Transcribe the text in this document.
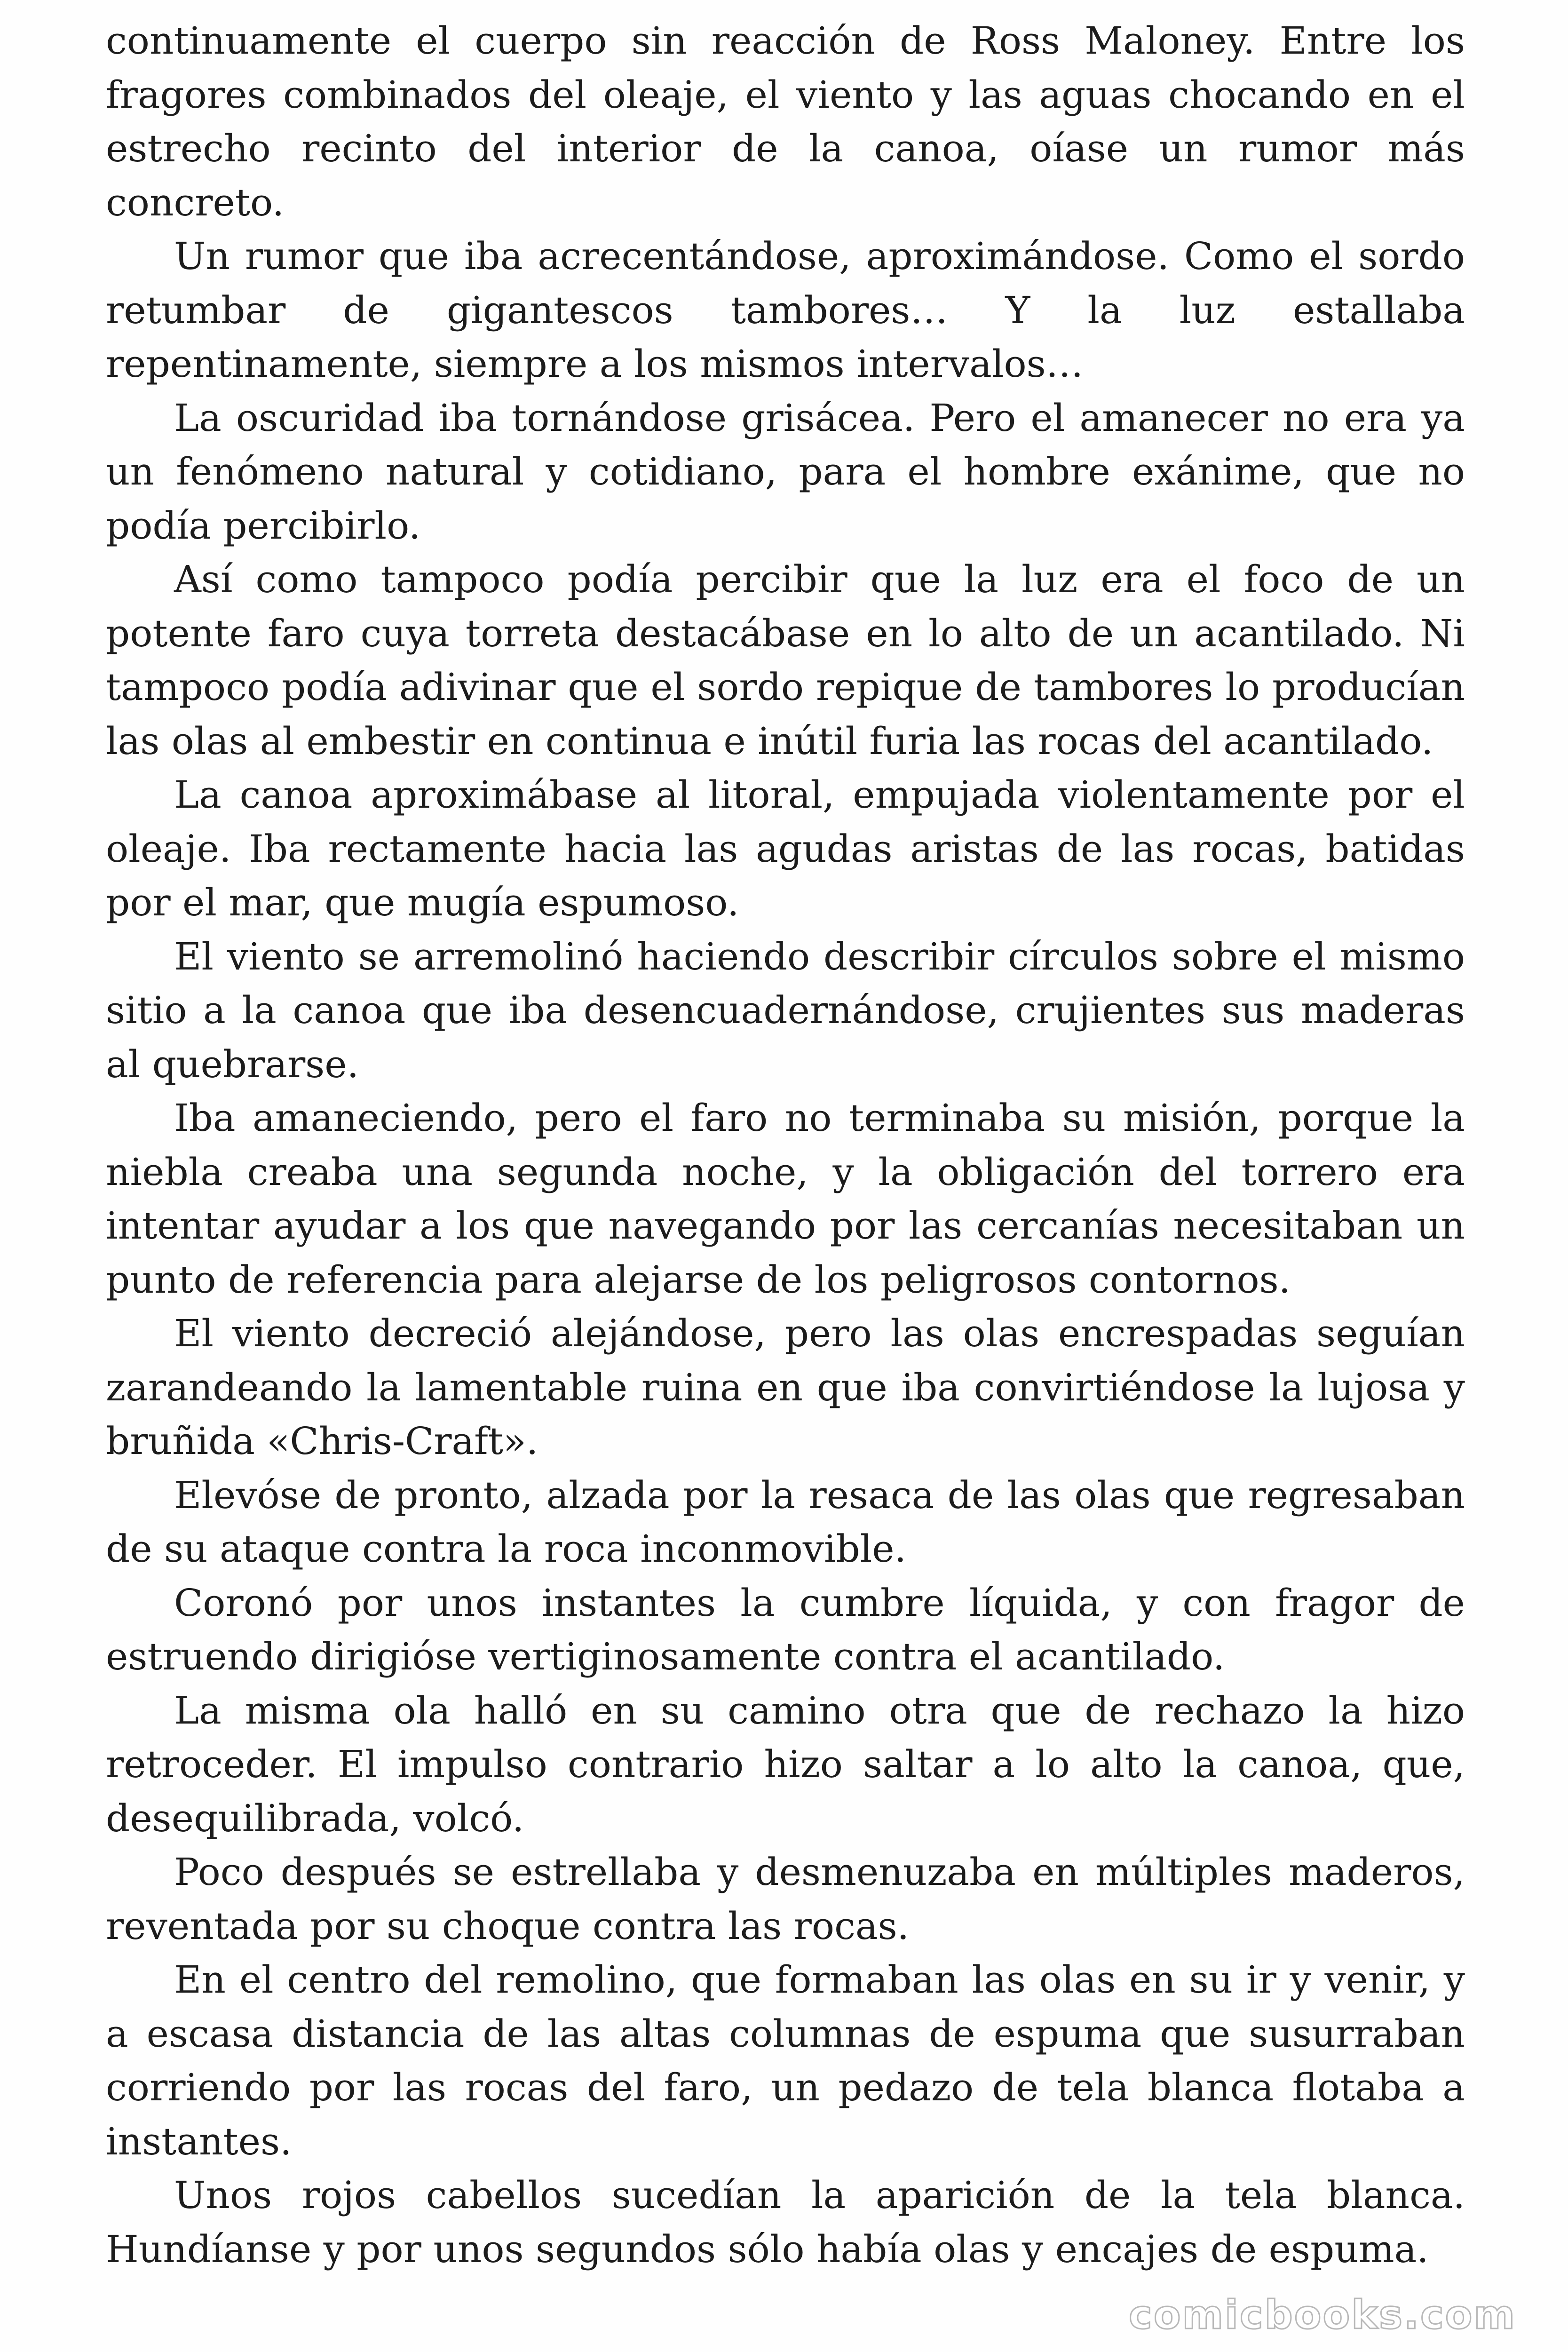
continuamente el cuerpo sin reacción de Ross Maloney. Entre los fragores combinados del oleaje, el viento y las aguas chocando en el estrecho recinto del interior de la canoa, oíase un rumor más concreto.

Un rumor que iba acrecentándose, aproximándose. Como el sordo retumbar de gigantescos tambores… Y la luz estallaba repentinamente, siempre a los mismos intervalos…

La oscuridad iba tornándose grisácea. Pero el amanecer no era ya un fenómeno natural y cotidiano, para el hombre exánime, que no podía percibirlo.

Así como tampoco podía percibir que la luz era el foco de un potente faro cuya torreta destacábase en lo alto de un acantilado. Ni tampoco podía adivinar que el sordo repique de tambores lo producían las olas al embestir en continua e inútil furia las rocas del acantilado.

La canoa aproximábase al litoral, empujada violentamente por el oleaje. Iba rectamente hacia las agudas aristas de las rocas, batidas por el mar, que mugía espumoso.

El viento se arremolinó haciendo describir círculos sobre el mismo sitio a la canoa que iba desencuadernándose, crujientes sus maderas al quebrarse.

Iba amaneciendo, pero el faro no terminaba su misión, porque la niebla creaba una segunda noche, y la obligación del torrero era intentar ayudar a los que navegando por las cercanías necesitaban un punto de referencia para alejarse de los peligrosos contornos.

El viento decreció alejándose, pero las olas encrespadas seguían zarandeando la lamentable ruina en que iba convirtiéndose la lujosa y bruñida «Chris-Craft».

Elevóse de pronto, alzada por la resaca de las olas que regresaban de su ataque contra la roca inconmovible.

Coronó por unos instantes la cumbre líquida, y con fragor de estruendo dirigióse vertiginosamente contra el acantilado.

La misma ola halló en su camino otra que de rechazo la hizo retroceder. El impulso contrario hizo saltar a lo alto la canoa, que, desequilibrada, volcó.

Poco después se estrellaba y desmenuzaba en múltiples maderos, reventada por su choque contra las rocas.

En el centro del remolino, que formaban las olas en su ir y venir, y a escasa distancia de las altas columnas de espuma que susurraban corriendo por las rocas del faro, un pedazo de tela blanca flotaba a instantes.

Unos rojos cabellos sucedían la aparición de la tela blanca. Hundíanse y por unos segundos sólo había olas y encajes de espuma.

comicbooks.com
